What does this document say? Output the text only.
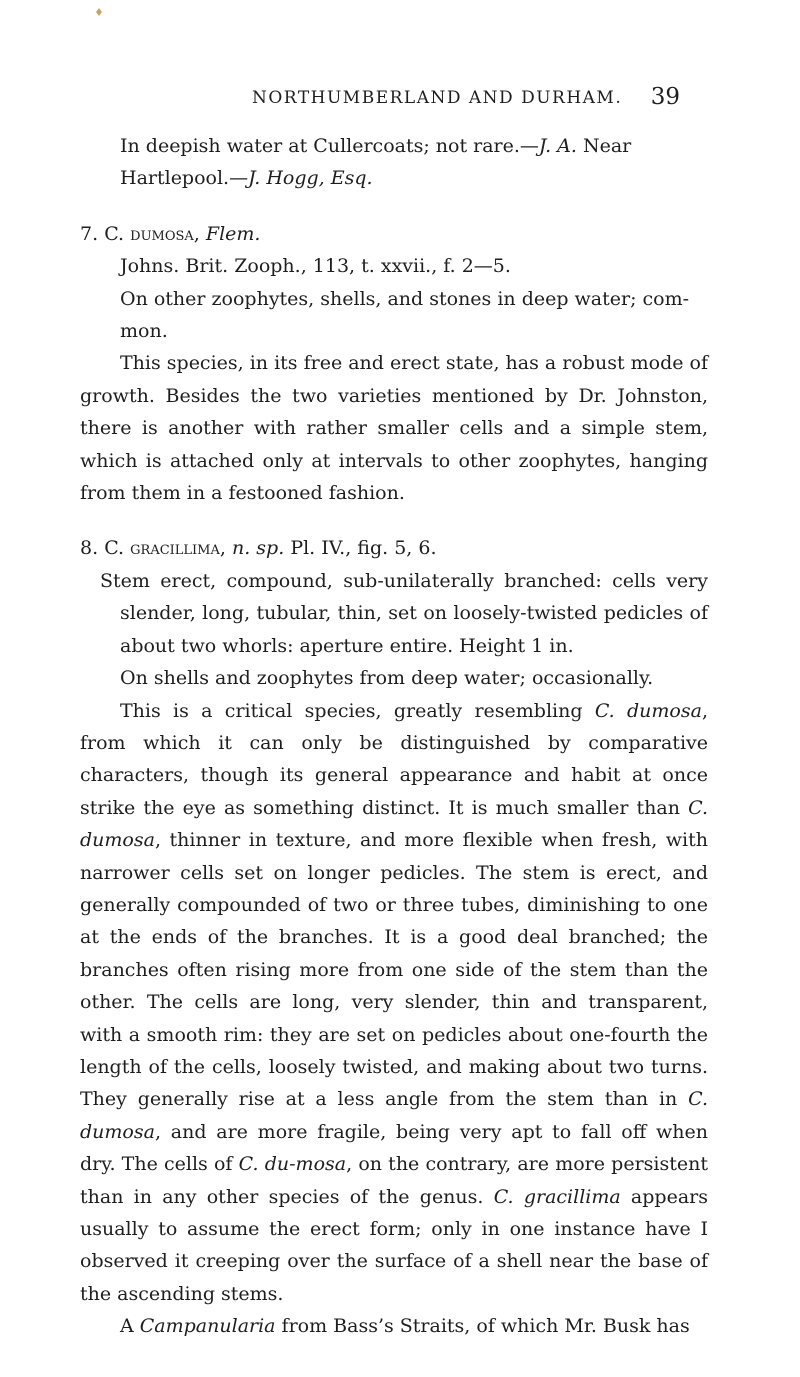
NORTHUMBERLAND AND DURHAM. 39

In deepish water at Cullercoats; not rare.—J. A. Near

Hartlepool.—J. Hogg, Esq.

7. C. dumosa, Flem.

Johns. Brit. Zooph., 113, t. xxvii., f. 2—5.

On other zoophytes, shells, and stones in deep water; com-

mon.

This species, in its free and erect state, has a robust mode of growth. Besides the two varieties mentioned by Dr. Johnston, there is another with rather smaller cells and a simple stem, which is attached only at intervals to other zoophytes, hanging from them in a festooned fashion.

8. C. gracillima, n. sp. Pl. IV., fig. 5, 6.

Stem erect, compound, sub-unilaterally branched: cells very slender, long, tubular, thin, set on loosely-twisted pedicles of about two whorls: aperture entire. Height 1 in.

On shells and zoophytes from deep water; occasionally.

This is a critical species, greatly resembling C. dumosa, from which it can only be distinguished by comparative characters, though its general appearance and habit at once strike the eye as something distinct. It is much smaller than C. dumosa, thinner in texture, and more flexible when fresh, with narrower cells set on longer pedicles. The stem is erect, and generally compounded of two or three tubes, diminishing to one at the ends of the branches. It is a good deal branched; the branches often rising more from one side of the stem than the other. The cells are long, very slender, thin and transparent, with a smooth rim: they are set on pedicles about one-fourth the length of the cells, loosely twisted, and making about two turns. They generally rise at a less angle from the stem than in C. dumosa, and are more fragile, being very apt to fall off when dry. The cells of C. du-mosa, on the contrary, are more persistent than in any other species of the genus. C. gracillima appears usually to assume the erect form; only in one instance have I observed it creeping over the surface of a shell near the base of the ascending stems.

A Campanularia from Bass’s Straits, of which Mr. Busk has
